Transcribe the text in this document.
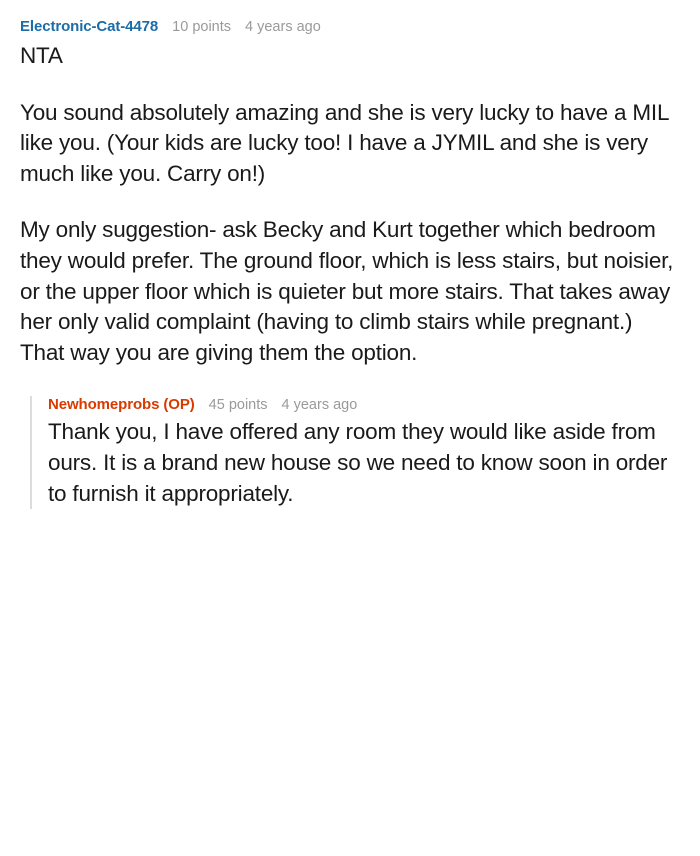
Electronic-Cat-4478 10 points 4 years ago

NTA

You sound absolutely amazing and she is very lucky to have a MIL like you. (Your kids are lucky too! I have a JYMIL and she is very much like you. Carry on!)

My only suggestion- ask Becky and Kurt together which bedroom they would prefer. The ground floor, which is less stairs, but noisier, or the upper floor which is quieter but more stairs. That takes away her only valid complaint (having to climb stairs while pregnant.) That way you are giving them the option.

Newhomeprobs (OP) 45 points 4 years ago

Thank you, I have offered any room they would like aside from ours. It is a brand new house so we need to know soon in order to furnish it appropriately.
